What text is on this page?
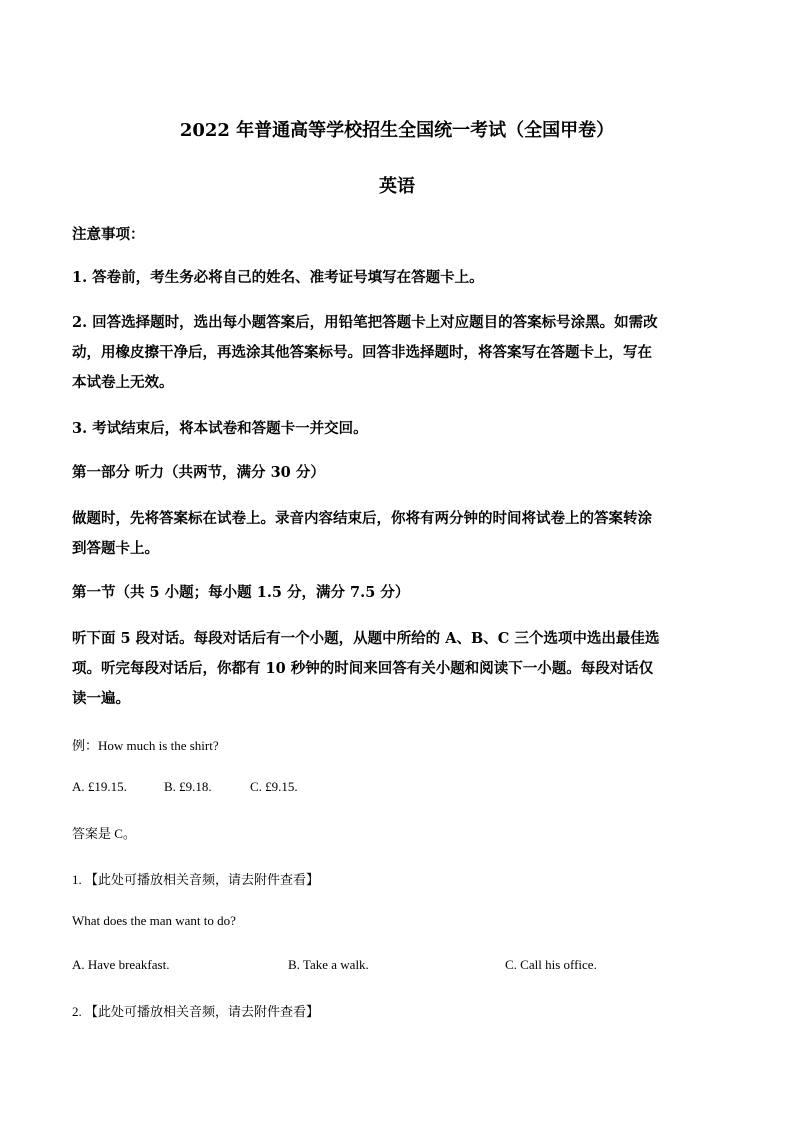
2022 年普通高等学校招生全国统一考试（全国甲卷）
英语
注意事项：
1. 答卷前，考生务必将自己的姓名、准考证号填写在答题卡上。
2. 回答选择题时，选出每小题答案后，用铅笔把答题卡上对应题目的答案标号涂黑。如需改
动，用橡皮擦干净后，再选涂其他答案标号。回答非选择题时，将答案写在答题卡上，写在
本试卷上无效。
3. 考试结束后，将本试卷和答题卡一并交回。
第一部分 听力（共两节，满分 30 分）
做题时，先将答案标在试卷上。录音内容结束后，你将有两分钟的时间将试卷上的答案转涂
到答题卡上。
第一节（共 5 小题；每小题 1.5 分，满分 7.5 分）
听下面 5 段对话。每段对话后有一个小题，从题中所给的 A、B、C 三个选项中选出最佳选
项。听完每段对话后，你都有 10 秒钟的时间来回答有关小题和阅读下一小题。每段对话仅
读一遍。
例：How much is the shirt?
A. £19.15.	B. £9.18.	C. £9.15.
答案是 C。
1. 【此处可播放相关音频，请去附件查看】
What does the man want to do?
A. Have breakfast.	B. Take a walk.	C. Call his office.
2. 【此处可播放相关音频，请去附件查看】
